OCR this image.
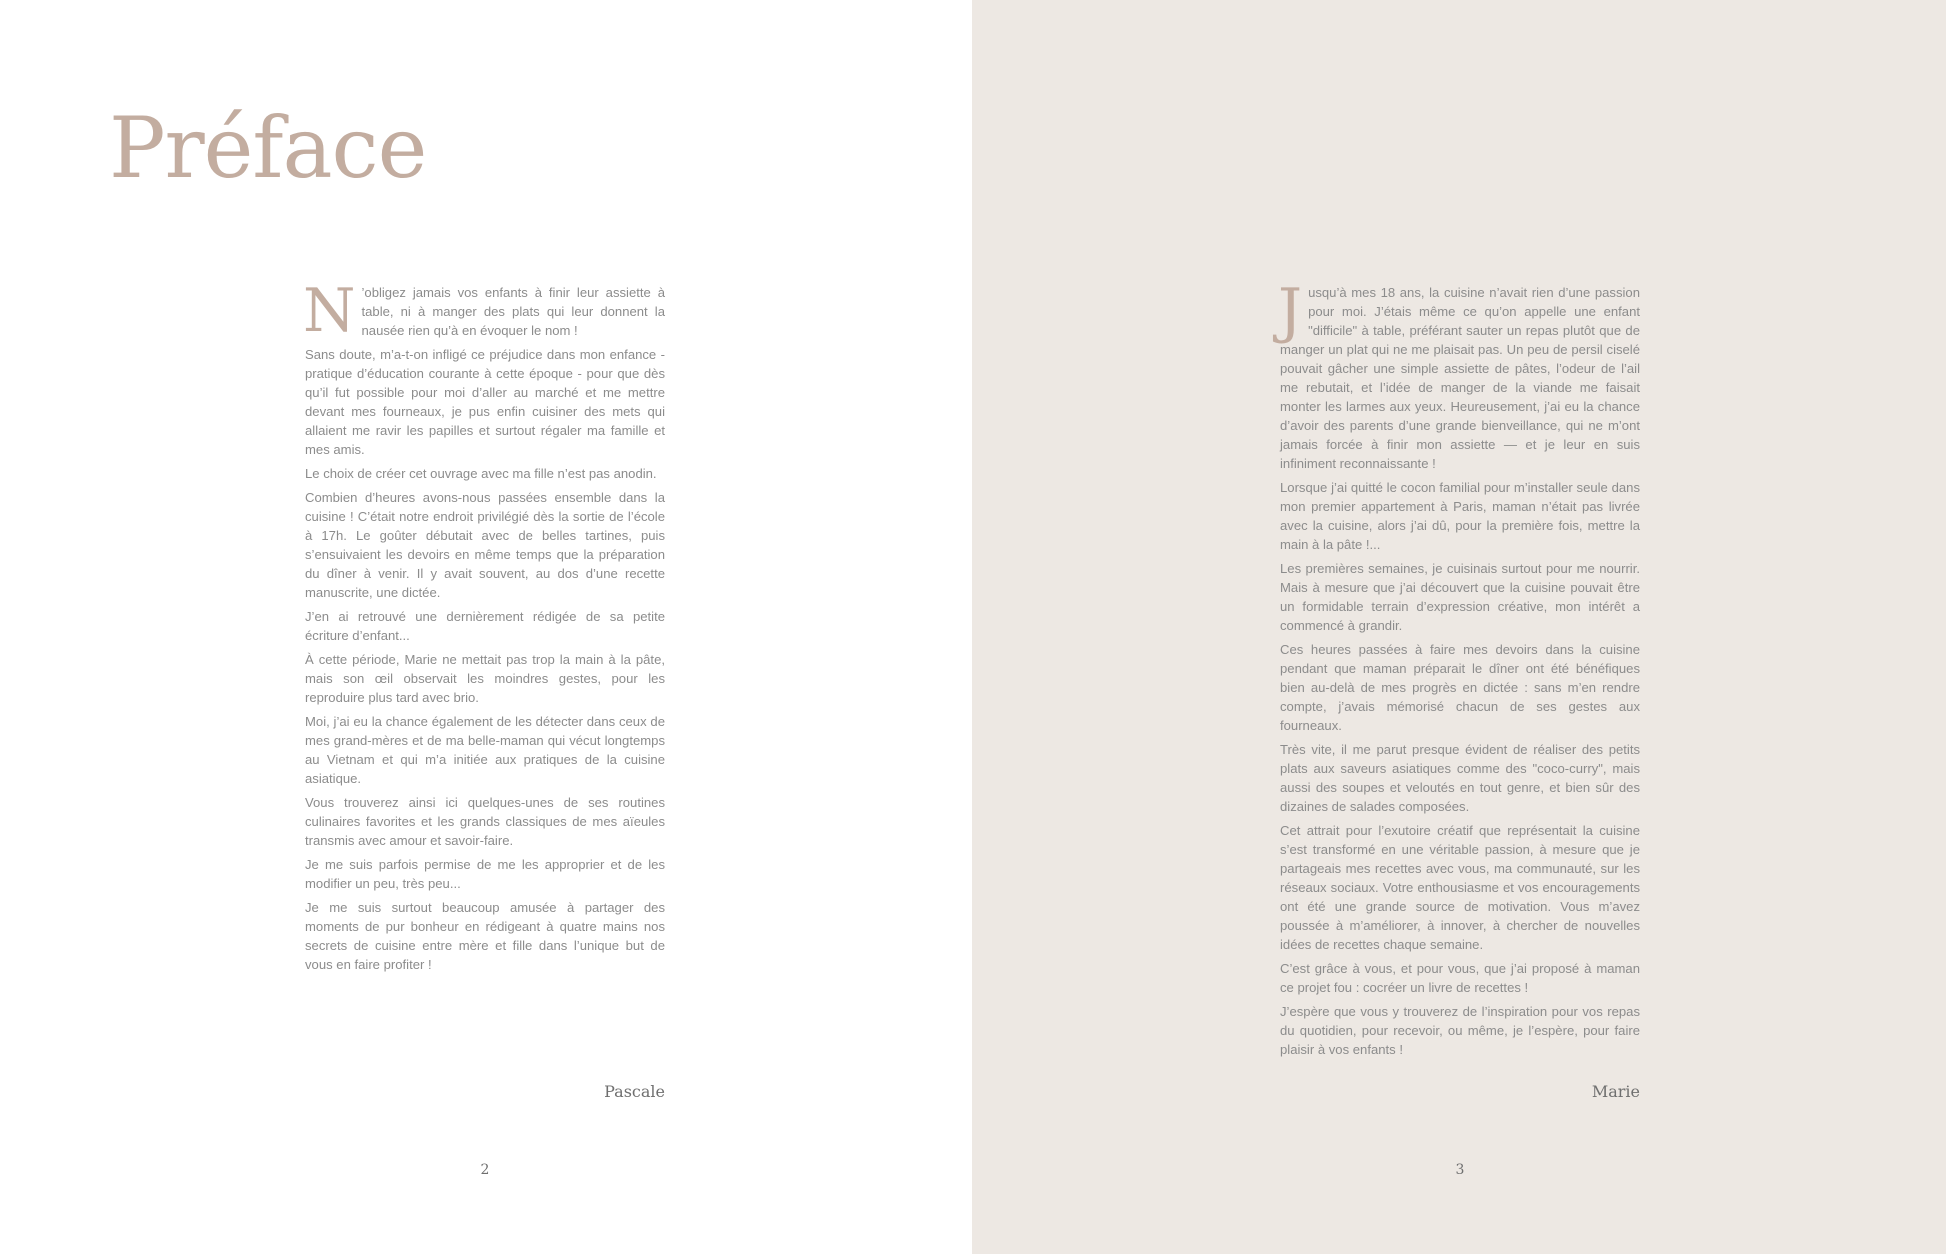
Préface

N ’obligez jamais vos enfants à finir leur assiette à table, ni à manger des plats qui leur donnent la nausée rien qu’à en évoquer le nom !

Sans doute, m’a-t-on infligé ce préjudice dans mon enfance - pratique d’éducation courante à cette époque - pour que dès qu’il fut possible pour moi d’aller au marché et me mettre devant mes fourneaux, je pus enfin cuisiner des mets qui allaient me ravir les papilles et surtout régaler ma famille et mes amis.

Le choix de créer cet ouvrage avec ma fille n’est pas anodin.

Combien d’heures avons-nous passées ensemble dans la cuisine ! C’était notre endroit privilégié dès la sortie de l’école à 17h. Le goûter débutait avec de belles tartines, puis s’ensuivaient les devoirs en même temps que la préparation du dîner à venir. Il y avait souvent, au dos d’une recette manuscrite, une dictée.

J’en ai retrouvé une dernièrement rédigée de sa petite écriture d’enfant...

À cette période, Marie ne mettait pas trop la main à la pâte, mais son œil observait les moindres gestes, pour les reproduire plus tard avec brio.

Moi, j’ai eu la chance également de les détecter dans ceux de mes grand-mères et de ma belle-maman qui vécut longtemps au Vietnam et qui m’a initiée aux pratiques de la cuisine asiatique.

Vous trouverez ainsi ici quelques-unes de ses routines culinaires favorites et les grands classiques de mes aïeules transmis avec amour et savoir-faire.

Je me suis parfois permise de me les approprier et de les modifier un peu, très peu...

Je me suis surtout beaucoup amusée à partager des moments de pur bonheur en rédigeant à quatre mains nos secrets de cuisine entre mère et fille dans l’unique but de vous en faire profiter !

Pascale
2

Jusqu’à mes 18 ans, la cuisine n’avait rien d’une passion pour moi. J’étais même ce qu’on appelle une enfant "difficile" à table, préférant sauter un repas plutôt que de manger un plat qui ne me plaisait pas. Un peu de persil ciselé pouvait gâcher une simple assiette de pâtes, l’odeur de l’ail me rebutait, et l’idée de manger de la viande me faisait monter les larmes aux yeux. Heureusement, j’ai eu la chance d’avoir des parents d’une grande bienveillance, qui ne m’ont jamais forcée à finir mon assiette — et je leur en suis infiniment reconnaissante !

Lorsque j’ai quitté le cocon familial pour m’installer seule dans mon premier appartement à Paris, maman n’était pas livrée avec la cuisine, alors j’ai dû, pour la première fois, mettre la main à la pâte !...

Les premières semaines, je cuisinais surtout pour me nourrir. Mais à mesure que j’ai découvert que la cuisine pouvait être un formidable terrain d’expression créative, mon intérêt a commencé à grandir.

Ces heures passées à faire mes devoirs dans la cuisine pendant que maman préparait le dîner ont été bénéfiques bien au-delà de mes progrès en dictée : sans m’en rendre compte, j’avais mémorisé chacun de ses gestes aux fourneaux.

Très vite, il me parut presque évident de réaliser des petits plats aux saveurs asiatiques comme des "coco-curry", mais aussi des soupes et veloutés en tout genre, et bien sûr des dizaines de salades composées.

Cet attrait pour l’exutoire créatif que représentait la cuisine s’est transformé en une véritable passion, à mesure que je partageais mes recettes avec vous, ma communauté, sur les réseaux sociaux. Votre enthousiasme et vos encouragements ont été une grande source de motivation. Vous m’avez poussée à m’améliorer, à innover, à chercher de nouvelles idées de recettes chaque semaine.

C’est grâce à vous, et pour vous, que j’ai proposé à maman ce projet fou : cocréer un livre de recettes !

J’espère que vous y trouverez de l’inspiration pour vos repas du quotidien, pour recevoir, ou même, je l’espère, pour faire plaisir à vos enfants !

Marie
3
